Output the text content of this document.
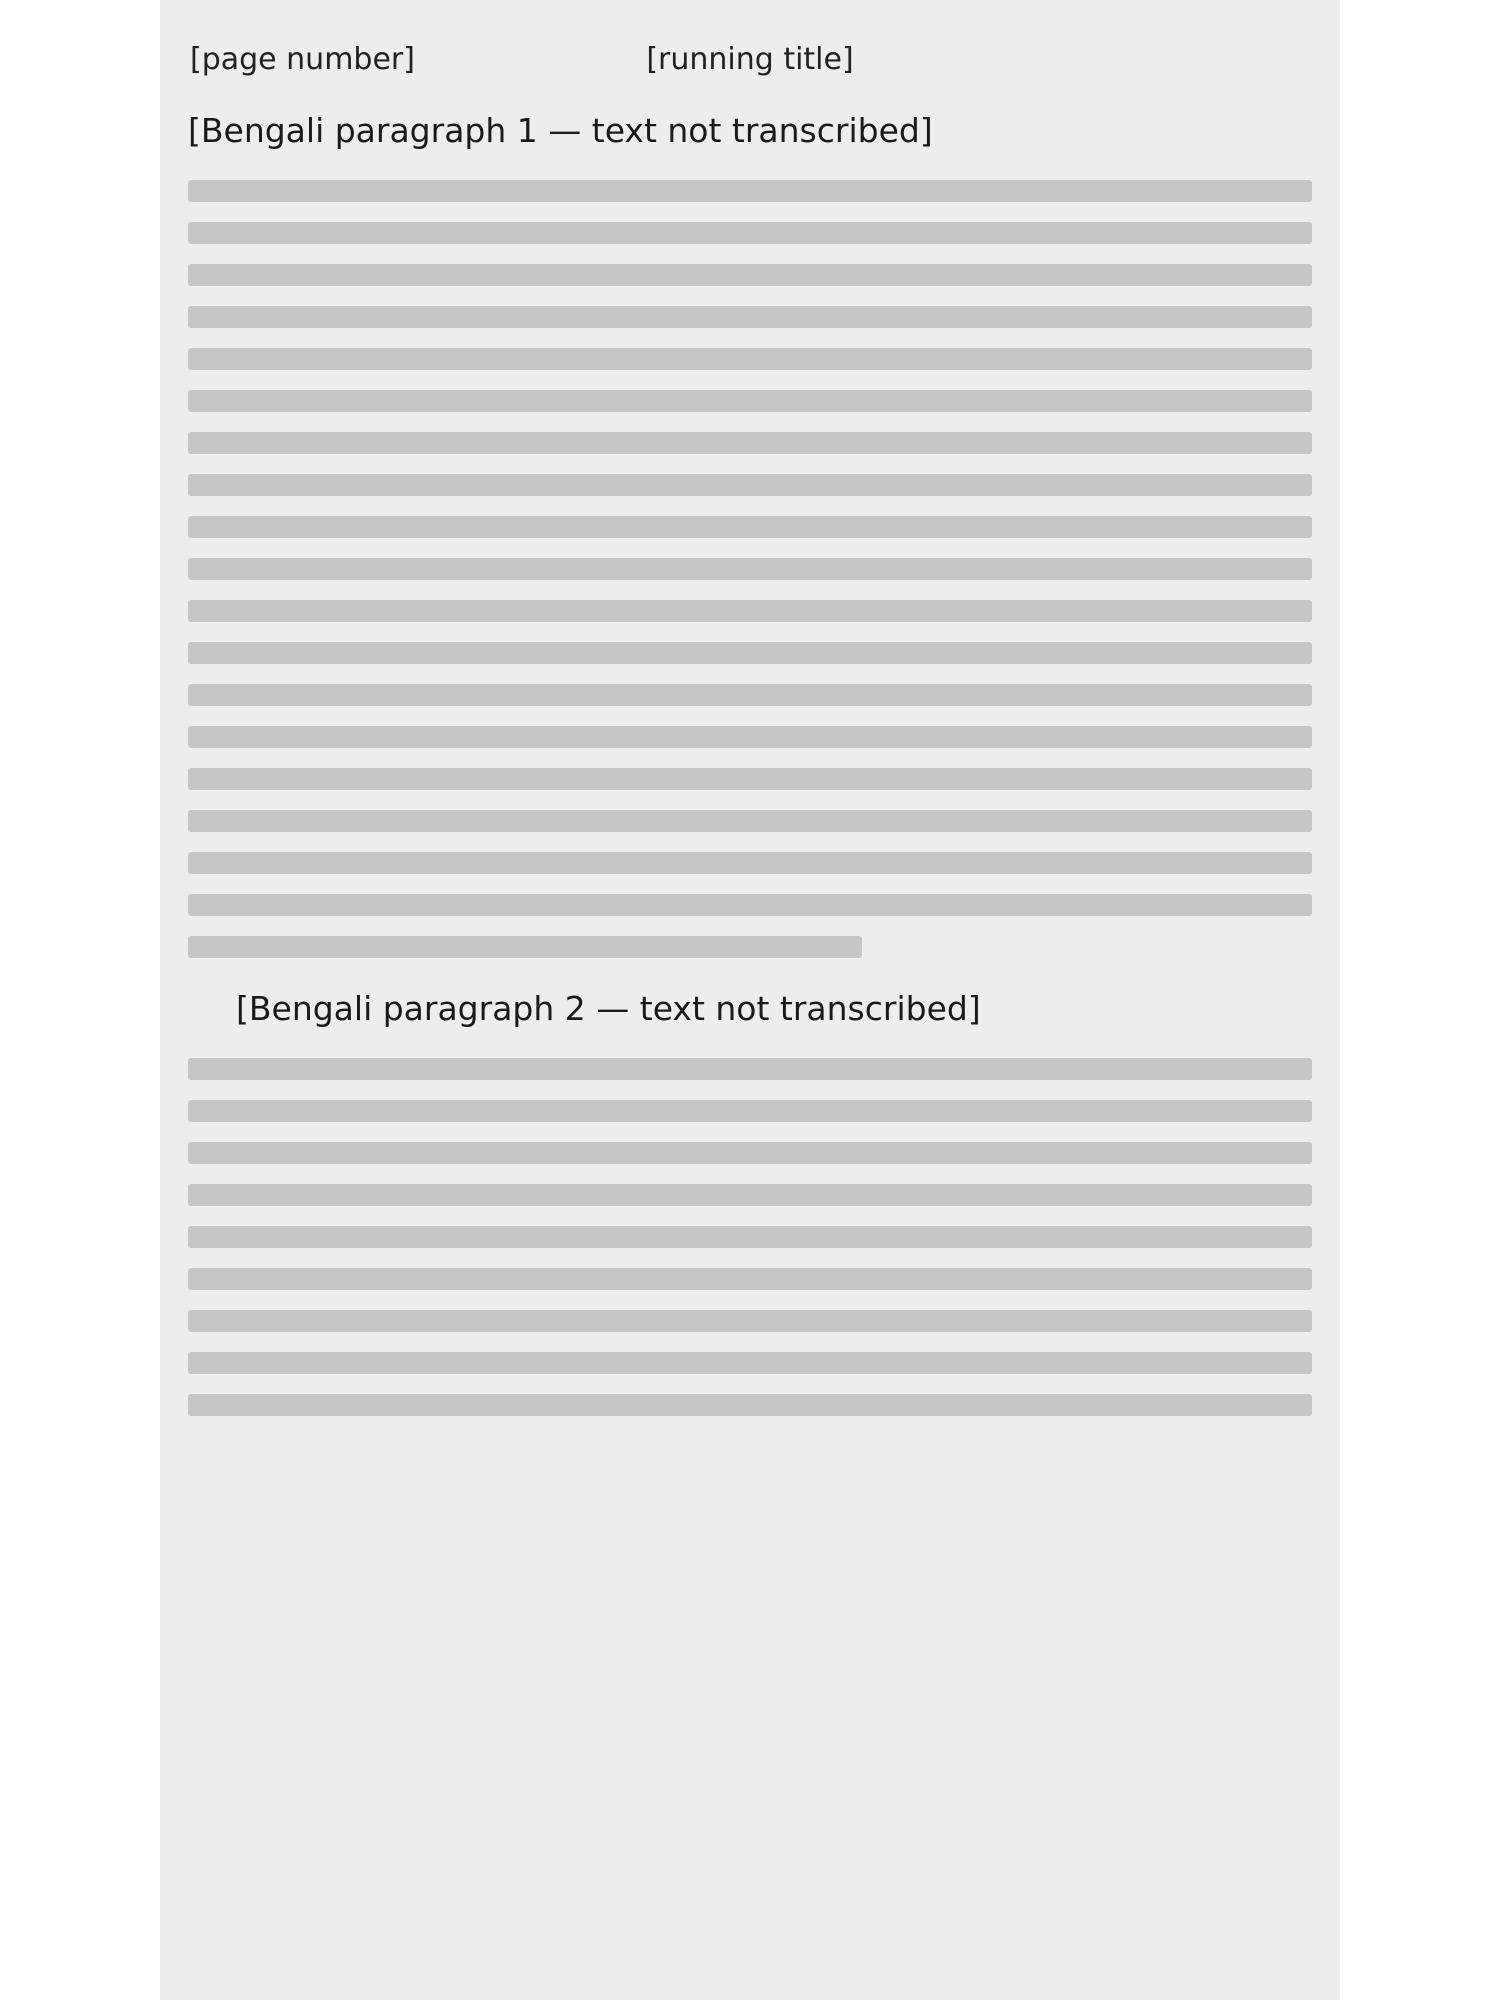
[page number]	[running title]

[Bengali paragraph 1 — text not transcribed]

[Bengali paragraph 2 — text not transcribed]
